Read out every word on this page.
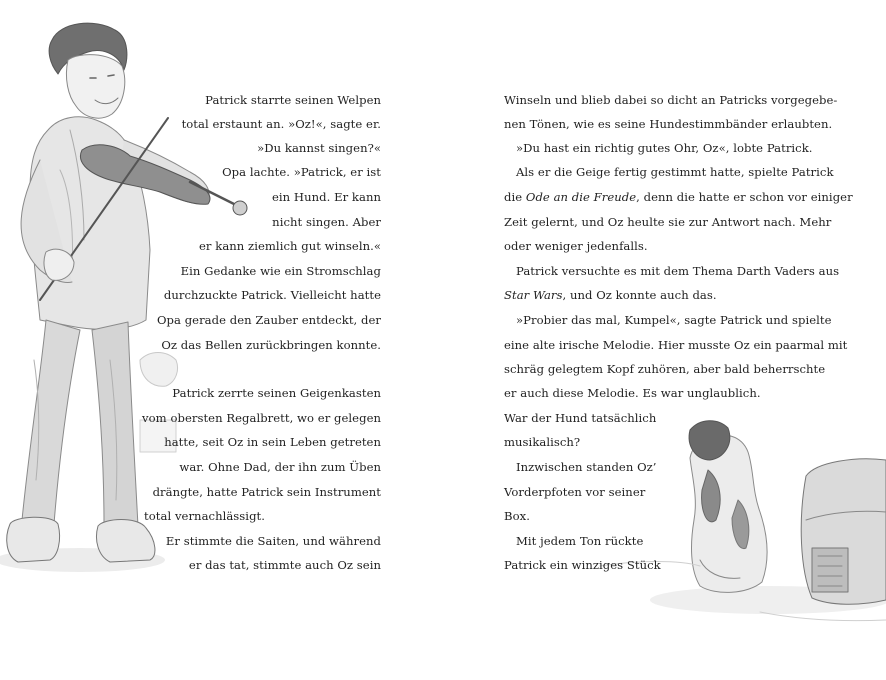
Patrick starrte seinen Welpen
total erstaunt an. »Oz!«, sagte er.
»Du kannst singen?«
Opa lachte. »Patrick, er ist
ein Hund. Er kann
nicht singen. Aber
er kann ziemlich gut winseln.«
Ein Gedanke wie ein Stromschlag
durchzuckte Patrick. Vielleicht hatte
Opa gerade den Zauber entdeckt, der
Oz das Bellen zurückbringen konnte.
Patrick zerrte seinen Geigenkasten
vom obersten Regalbrett, wo er gelegen
hatte, seit Oz in sein Leben getreten
war. Ohne Dad, der ihn zum Üben
drängte, hatte Patrick sein Instrument
total vernachlässigt.
Er stimmte die Saiten, und während
er das tat, stimmte auch Oz sein
Winseln und blieb dabei so dicht an Patricks vorgegebe-
nen Tönen, wie es seine Hundestimmbänder erlaubten.
»Du hast ein richtig gutes Ohr, Oz«, lobte Patrick.
Als er die Geige fertig gestimmt hatte, spielte Patrick
die Ode an die Freude, denn die hatte er schon vor einiger
Zeit gelernt, und Oz heulte sie zur Antwort nach. Mehr
oder weniger jedenfalls.
Patrick versuchte es mit dem Thema Darth Vaders aus
Star Wars, und Oz konnte auch das.
»Probier das mal, Kumpel«, sagte Patrick und spielte
eine alte irische Melodie. Hier musste Oz ein paarmal mit
schräg gelegtem Kopf zuhören, aber bald beherrschte
er auch diese Melodie. Es war unglaublich.
War der Hund tatsächlich
musikalisch?
Inzwischen standen Oz’
Vorderpfoten vor seiner
Box.
Mit jedem Ton rückte
Patrick ein winziges Stück
